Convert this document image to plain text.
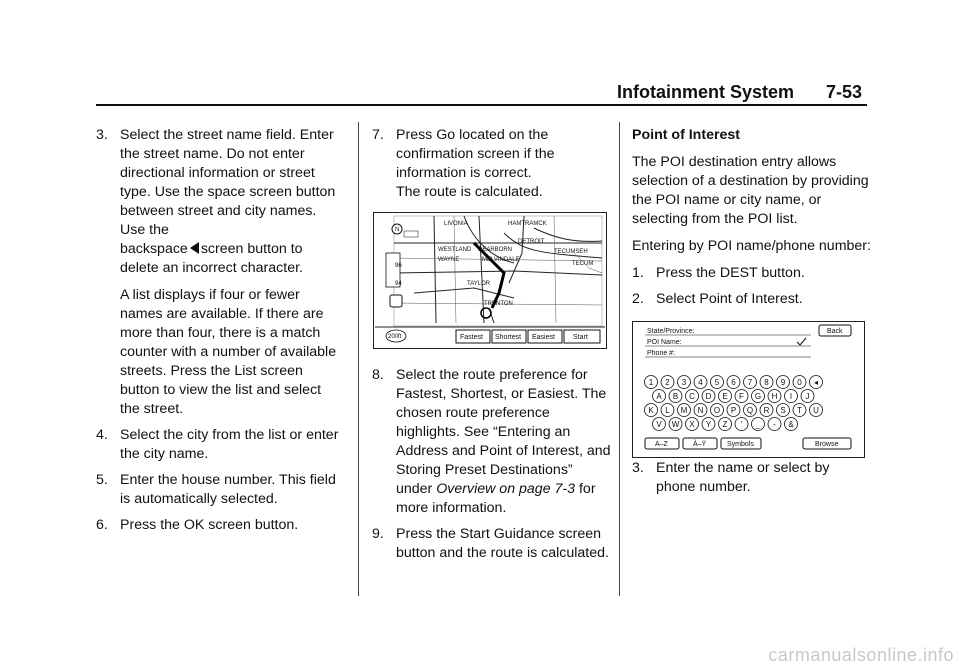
Infotainment System	7-53
3. Select the street name field. Enter the street name. Do not enter directional information or street type. Use the space screen button between street and city names. Use the
backspace screen button to delete an incorrect character.

A list displays if four or fewer names are available. If there are more than four, there is a match counter with a number of available streets. Press the List screen button to view the list and select the street.

4. Select the city from the list or enter the city name.

5. Enter the house number. This field is automatically selected.

6. Press the OK screen button.

7. Press Go located on the confirmation screen if the information is correct.

The route is calculated.

8. Select the route preference for Fastest, Shortest, or Easiest. The chosen route preference highlights. See “Entering an Address and Point of Interest, and Storing Preset Destinations” under Overview on page 7-3 for more information.

9. Press the Start Guidance screen button and the route is calculated.

N
96
94
LIVONIA	HAMTRAMCK
DETROIT
WESTLAND DEARBORN
WAYNE	MELVINDALE
TECUMSEH
TECUM
TAYLOR
TRENTON
200ft	Fastest Shortest Easiest	Start

Point of Interest

The POI destination entry allows selection of a destination by providing the POI name or city name, or selecting from the POI list.

Entering by POI name/phone number:

1. Press the DEST button.

2. Select Point of Interest.

3. Enter the name or select by phone number.

State/Province:
POI Name:
Phone #:
Back
1 2 3 4 5 6 7 8 9 0 ◂
A B C D E F G H I J
K L M N O P Q R S T U
V W X Y Z ' _ - &
A–Z	À–Ÿ	Symbols	Browse
carmanualsonline.info
